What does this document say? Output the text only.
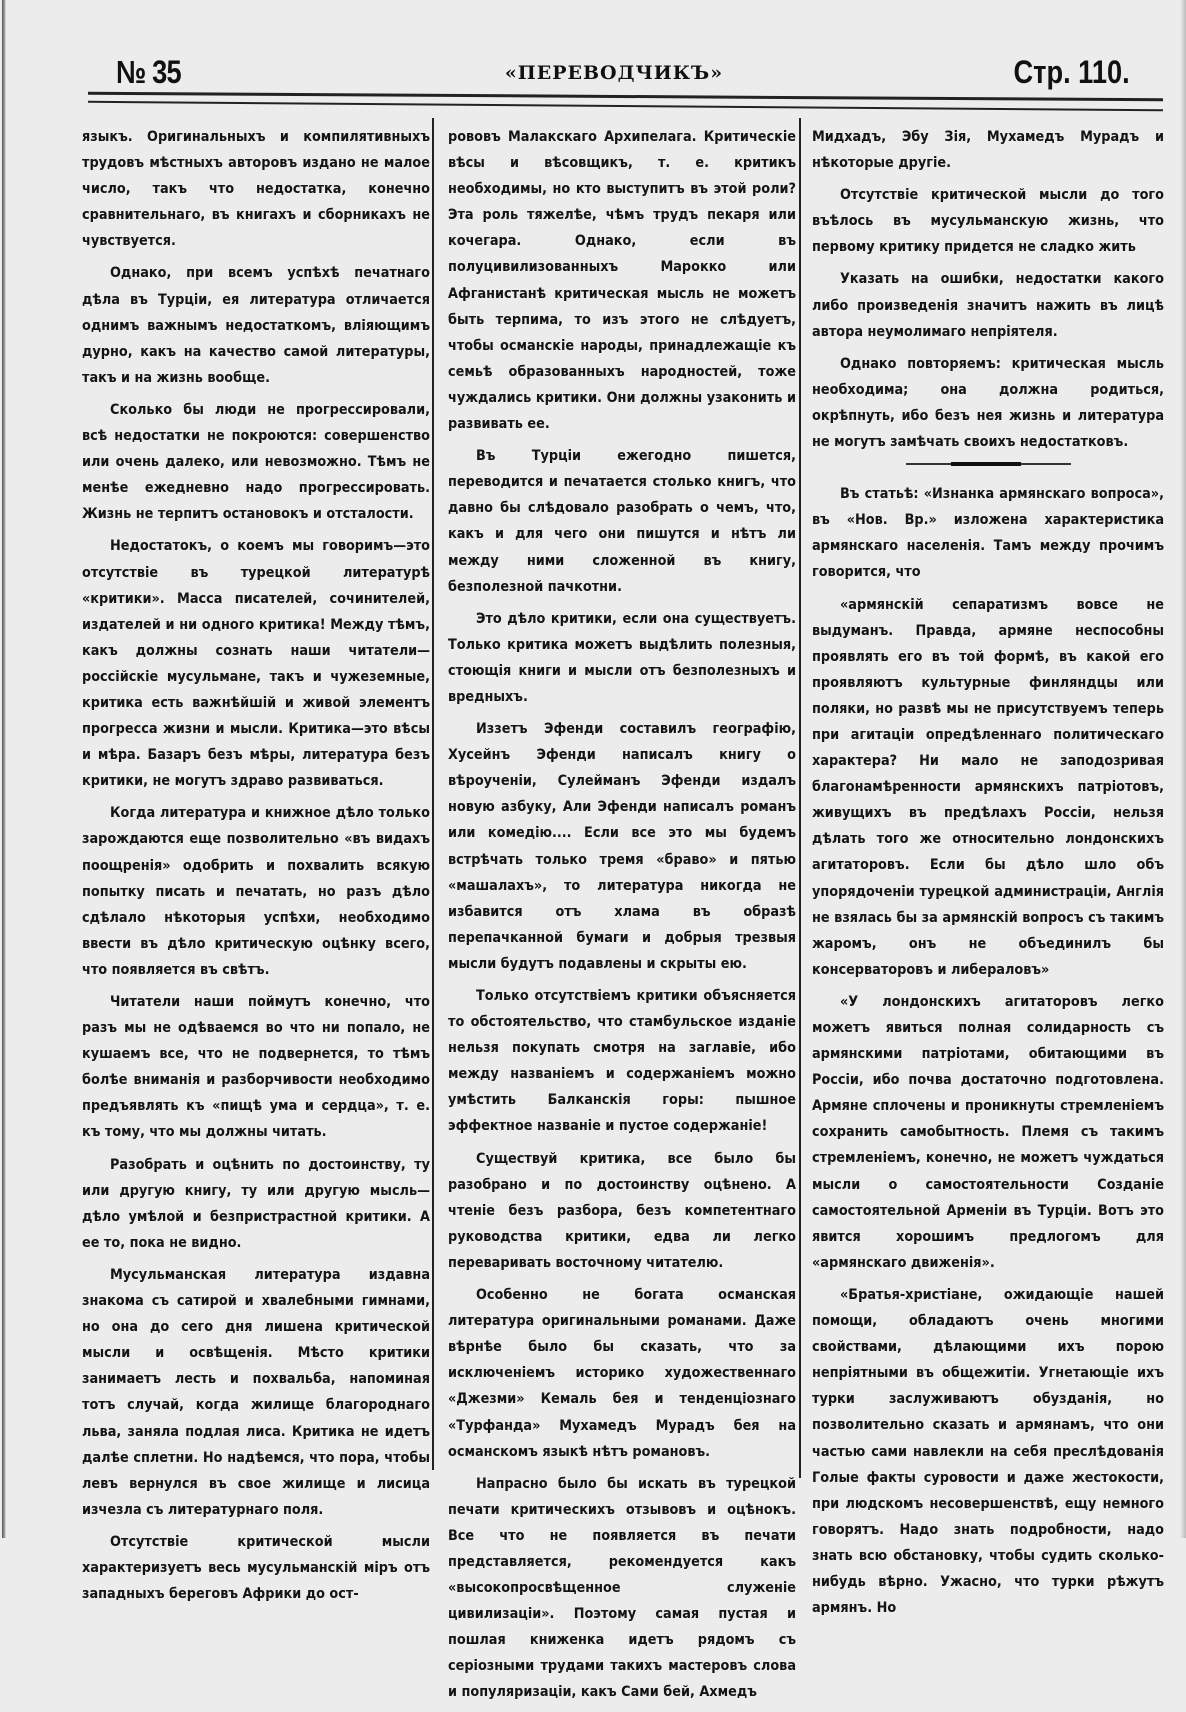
№ 35	«ПЕРЕВОДЧИКЪ»	Стр. 110.

языкъ. Оригинальныхъ и компилятивныхъ трудовъ мѣстныхъ авторовъ издано не малое число, такъ что недостатка, конечно сравнительнаго, въ книгахъ и сборникахъ не чувствуется.

Однако, при всемъ успѣхѣ печатнаго дѣла въ Турціи, ея литература отличается однимъ важнымъ недостаткомъ, вліяющимъ дурно, какъ на качество самой литературы, такъ и на жизнь вообще.

Сколько бы люди не прогрессировали, всѣ недостатки не покроются: совершенство или очень далеко, или невозможно. Тѣмъ не менѣе ежедневно надо прогрессировать. Жизнь не терпитъ остановокъ и отсталости.

Недостатокъ, о коемъ мы говоримъ—это отсутствіе въ турецкой литературѣ «критики». Масса писателей, сочинителей, издателей и ни одного критика! Между тѣмъ, какъ должны сознать наши читатели—россійскіе мусульмане, такъ и чужеземные, критика есть важнѣйшій и живой элементъ прогресса жизни и мысли. Критика—это вѣсы и мѣра. Базаръ безъ мѣры, литература безъ критики, не могутъ здраво развиваться.

Когда литература и книжное дѣло только зарождаются еще позволительно «въ видахъ поощренія» одобрить и похвалить всякую попытку писать и печатать, но разъ дѣло сдѣлало нѣкоторыя успѣхи, необходимо ввести въ дѣло критическую оцѣнку всего, что появляется въ свѣтъ.

Читатели наши поймутъ конечно, что разъ мы не одѣваемся во что ни попало, не кушаемъ все, что не подвернется, то тѣмъ болѣе вниманія и разборчивости необходимо предъявлять къ «пищѣ ума и сердца», т. е. къ тому, что мы должны читать.

Разобрать и оцѣнить по достоинству, ту или другую книгу, ту или другую мысль—дѣло умѣлой и безпристрастной критики. А ее то, пока не видно.

Мусульманская литература издавна знакома съ сатирой и хвалебными гимнами, но она до сего дня лишена критической мысли и освѣщенія. Мѣсто критики занимаетъ лесть и похвальба, напоминая тотъ случай, когда жилище благороднаго льва, заняла подлая лиса. Критика не идетъ далѣе сплетни. Но надѣемся, что пора, чтобы левъ вернулся въ свое жилище и лисица изчезла съ литературнаго поля.

Отсутствіе критической мысли характеризуетъ весь мусульманскій міръ отъ западныхъ береговъ Африки до ост-

рововъ Малакскаго Архипелага. Критическіе вѣсы и вѣсовщикъ, т. е. критикъ необходимы, но кто выступитъ въ этой роли? Эта роль тяжелѣе, чѣмъ трудъ пекаря или кочегара. Однако, если въ полуцивилизованныхъ Марокко или Афганистанѣ критическая мысль не можетъ быть терпима, то изъ этого не слѣдуетъ, чтобы османскіе народы, принадлежащіе къ семьѣ образованныхъ народностей, тоже чуждались критики. Они должны узаконить и развивать ее.

Въ Турціи ежегодно пишется, переводится и печатается столько книгъ, что давно бы слѣдовало разобрать о чемъ, что, какъ и для чего они пишутся и нѣтъ ли между ними сложенной въ книгу, безполезной пачкотни.

Это дѣло критики, если она существуетъ. Только критика можетъ выдѣлить полезныя, стоющія книги и мысли отъ безполезныхъ и вредныхъ.

Иззетъ Эфенди составилъ географію, Хусейнъ Эфенди написалъ книгу о вѣроученіи, Сулейманъ Эфенди издалъ новую азбуку, Али Эфенди написалъ романъ или комедію.... Если все это мы будемъ встрѣчать только тремя «браво» и пятью «машалахъ», то литература никогда не избавится отъ хлама въ образѣ перепачканной бумаги и добрыя трезвыя мысли будутъ подавлены и скрыты ею.

Только отсутствіемъ критики объясняется то обстоятельство, что стамбульское изданіе нельзя покупать смотря на заглавіе, ибо между названіемъ и содержаніемъ можно умѣстить Балканскія горы: пышное эффектное названіе и пустое содержаніе!

Существуй критика, все было бы разобрано и по достоинству оцѣнено. А чтеніе безъ разбора, безъ компетентнаго руководства критики, едва ли легко переваривать восточному читателю.

Особенно не богата османская литература оригинальными романами. Даже вѣрнѣе было бы сказать, что за исключеніемъ историко художественнаго «Джезми» Кемаль бея и тенденціознаго «Турфанда» Мухамедъ Мурадъ бея на османскомъ языкѣ нѣтъ романовъ.

Напрасно было бы искать въ турецкой печати критическихъ отзывовъ и оцѣнокъ. Все что не появляется въ печати представляется, рекомендуется какъ «высокопросвѣщенное служеніе цивилизаціи». Поэтому самая пустая и пошлая книженка идетъ рядомъ съ серіозными трудами такихъ мастеровъ слова и популяризаціи, какъ Сами бей, Ахмедъ

Мидхадъ, Эбу Зія, Мухамедъ Мурадъ и нѣкоторые другіе.

Отсутствіе критической мысли до того въѣлось въ мусульманскую жизнь, что первому критику придется не сладко жить

Указать на ошибки, недостатки какого либо произведенія значитъ нажить въ лицѣ автора неумолимаго непріятеля.

Однако повторяемъ: критическая мысль необходима; она должна родиться, окрѣпнуть, ибо безъ нея жизнь и литература не могутъ замѣчать своихъ недостатковъ.

Въ статьѣ: «Изнанка армянскаго вопроса», въ «Нов. Вр.» изложена характеристика армянскаго населенія. Тамъ между прочимъ говорится, что

«армянскій сепаратизмъ вовсе не выдуманъ. Правда, армяне неспособны проявлять его въ той формѣ, въ какой его проявляютъ культурные финляндцы или поляки, но развѣ мы не присутствуемъ теперь при агитаціи опредѣленнаго политическаго характера? Ни мало не заподозривая благонамѣренности армянскихъ патріотовъ, живущихъ въ предѣлахъ Россіи, нельзя дѣлать того же относительно лондонскихъ агитаторовъ. Если бы дѣло шло объ упорядоченіи турецкой администраціи, Англія не взялась бы за армянскій вопросъ съ такимъ жаромъ, онъ не объединилъ бы консерваторовъ и либераловъ»

«У лондонскихъ агитаторовъ легко можетъ явиться полная солидарность съ армянскими патріотами, обитающими въ Россіи, ибо почва достаточно подготовлена. Армяне сплочены и проникнуты стремленіемъ сохранить самобытность. Племя съ такимъ стремленіемъ, конечно, не можетъ чуждаться мысли о самостоятельности Созданіе самостоятельной Арменіи въ Турціи. Вотъ это явится хорошимъ предлогомъ для «армянскаго движенія».

«Братья-христіане, ожидающіе нашей помощи, обладаютъ очень многими свойствами, дѣлающими ихъ порою непріятными въ общежитіи. Угнетающіе ихъ турки заслуживаютъ обузданія, но позволительно сказать и армянамъ, что они частью сами навлекли на себя преслѣдованія Голые факты суровости и даже жестокости, при людскомъ несовершенствѣ, ещу немного говорятъ. Надо знать подробности, надо знать всю обстановку, чтобы судить сколько-нибудь вѣрно. Ужасно, что турки рѣжутъ армянъ. Но
